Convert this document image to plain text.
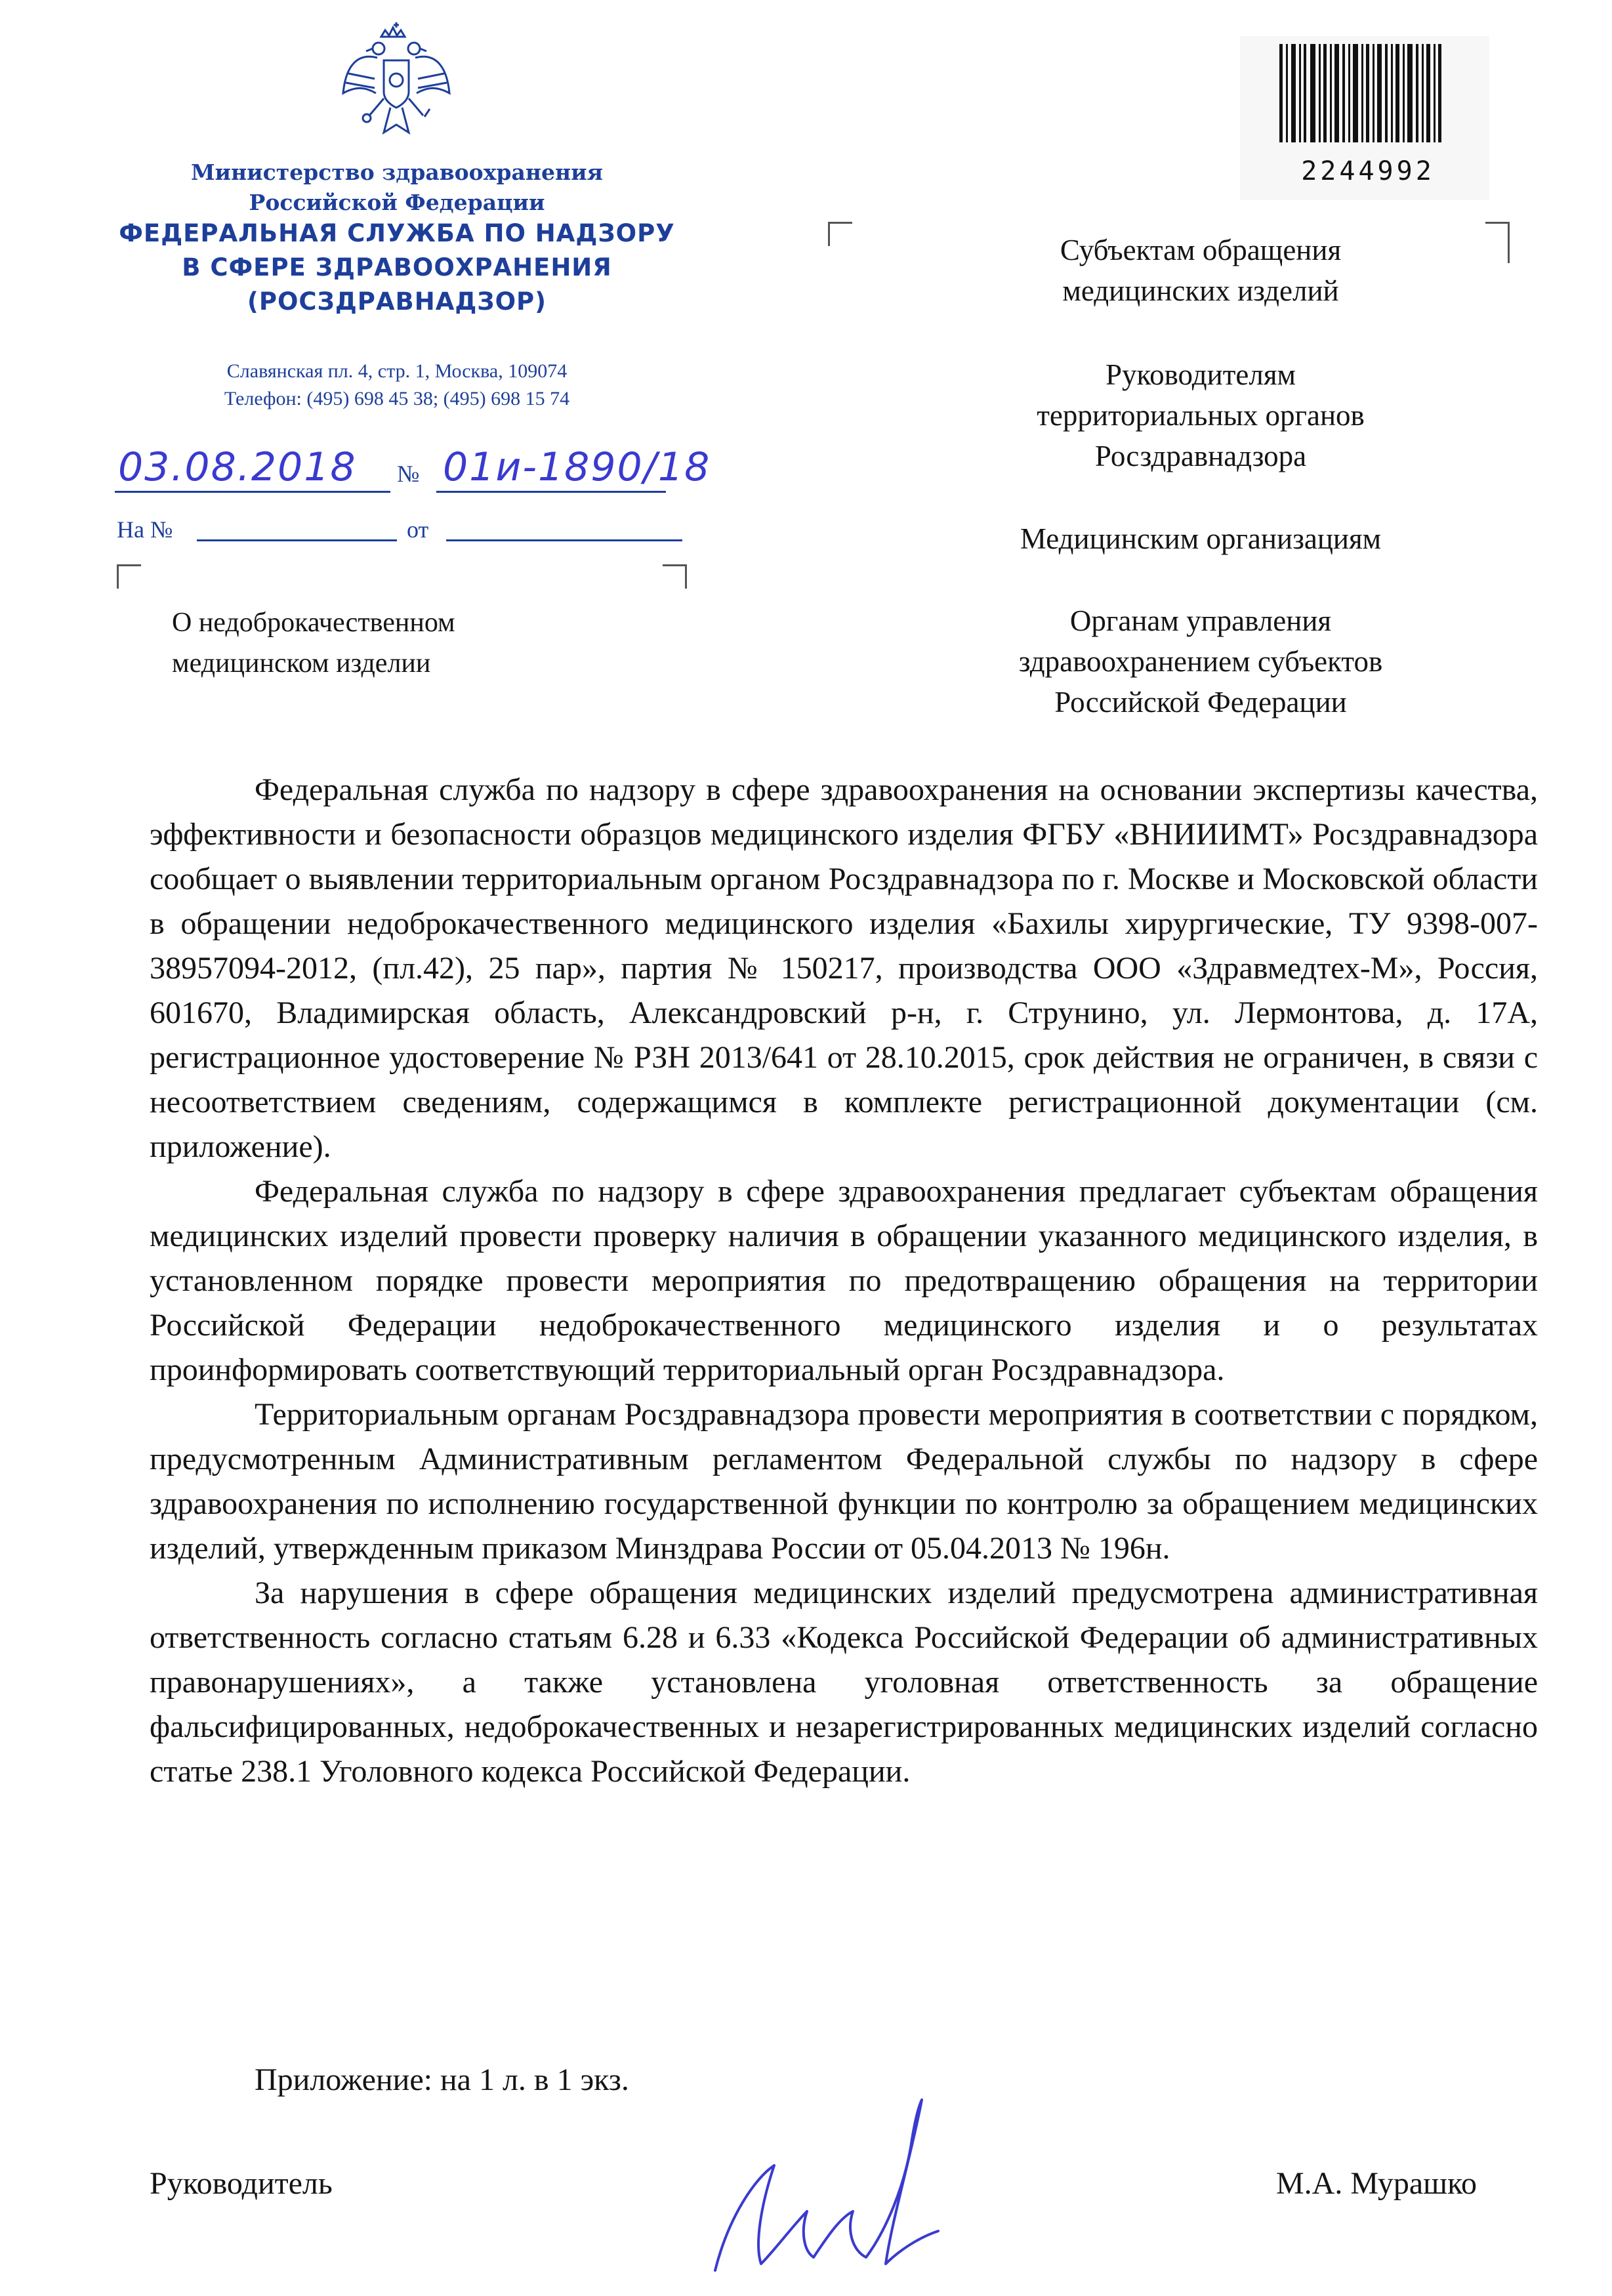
Министерство здравоохранения
Российской Федерации
ФЕДЕРАЛЬНАЯ СЛУЖБА ПО НАДЗОРУ
В СФЕРЕ ЗДРАВООХРАНЕНИЯ
(РОСЗДРАВНАДЗОР)
Славянская пл. 4, стр. 1, Москва, 109074
Телефон: (495) 698 45 38; (495) 698 15 74
03.08.2018 № 01и-1890/18
На №	от
2244992
О недоброкачественном
медицинском изделии
Субъектам обращения
медицинских изделий
Руководителям
территориальных органов
Росздравнадзора
Медицинским организациям
Органам управления
здравоохранением субъектов
Российской Федерации

Федеральная служба по надзору в сфере здравоохранения на основании экспертизы качества, эффективности и безопасности образцов медицинского изделия ФГБУ «ВНИИИМТ» Росздравнадзора сообщает о выявлении территориальным органом Росздравнадзора по г. Москве и Московской области в обращении недоброкачественного медицинского изделия «Бахилы хирургические, ТУ 9398-007-38957094-2012, (пл.42), 25 пар», партия № 150217, производства ООО «Здравмедтех-М», Россия, 601670, Владимирская область, Александровский р-н, г. Струнино, ул. Лермонтова, д. 17А, регистрационное удостоверение № РЗН 2013/641 от 28.10.2015, срок действия не ограничен, в связи с несоответствием сведениям, содержащимся в комплекте регистрационной документации (см. приложение).

Федеральная служба по надзору в сфере здравоохранения предлагает субъектам обращения медицинских изделий провести проверку наличия в обращении указанного медицинского изделия, в установленном порядке провести мероприятия по предотвращению обращения на территории Российской Федерации недоброкачественного медицинского изделия и о результатах проинформировать соответствующий территориальный орган Росздравнадзора.

Территориальным органам Росздравнадзора провести мероприятия в соответствии с порядком, предусмотренным Административным регламентом Федеральной службы по надзору в сфере здравоохранения по исполнению государственной функции по контролю за обращением медицинских изделий, утвержденным приказом Минздрава России от 05.04.2013 № 196н.

За нарушения в сфере обращения медицинских изделий предусмотрена административная ответственность согласно статьям 6.28 и 6.33 «Кодекса Российской Федерации об административных правонарушениях», а также установлена уголовная ответственность за обращение фальсифицированных, недоброкачественных и незарегистрированных медицинских изделий согласно статье 238.1 Уголовного кодекса Российской Федерации.

Приложение: на 1 л. в 1 экз.
Руководитель	М.А. Мурашко
